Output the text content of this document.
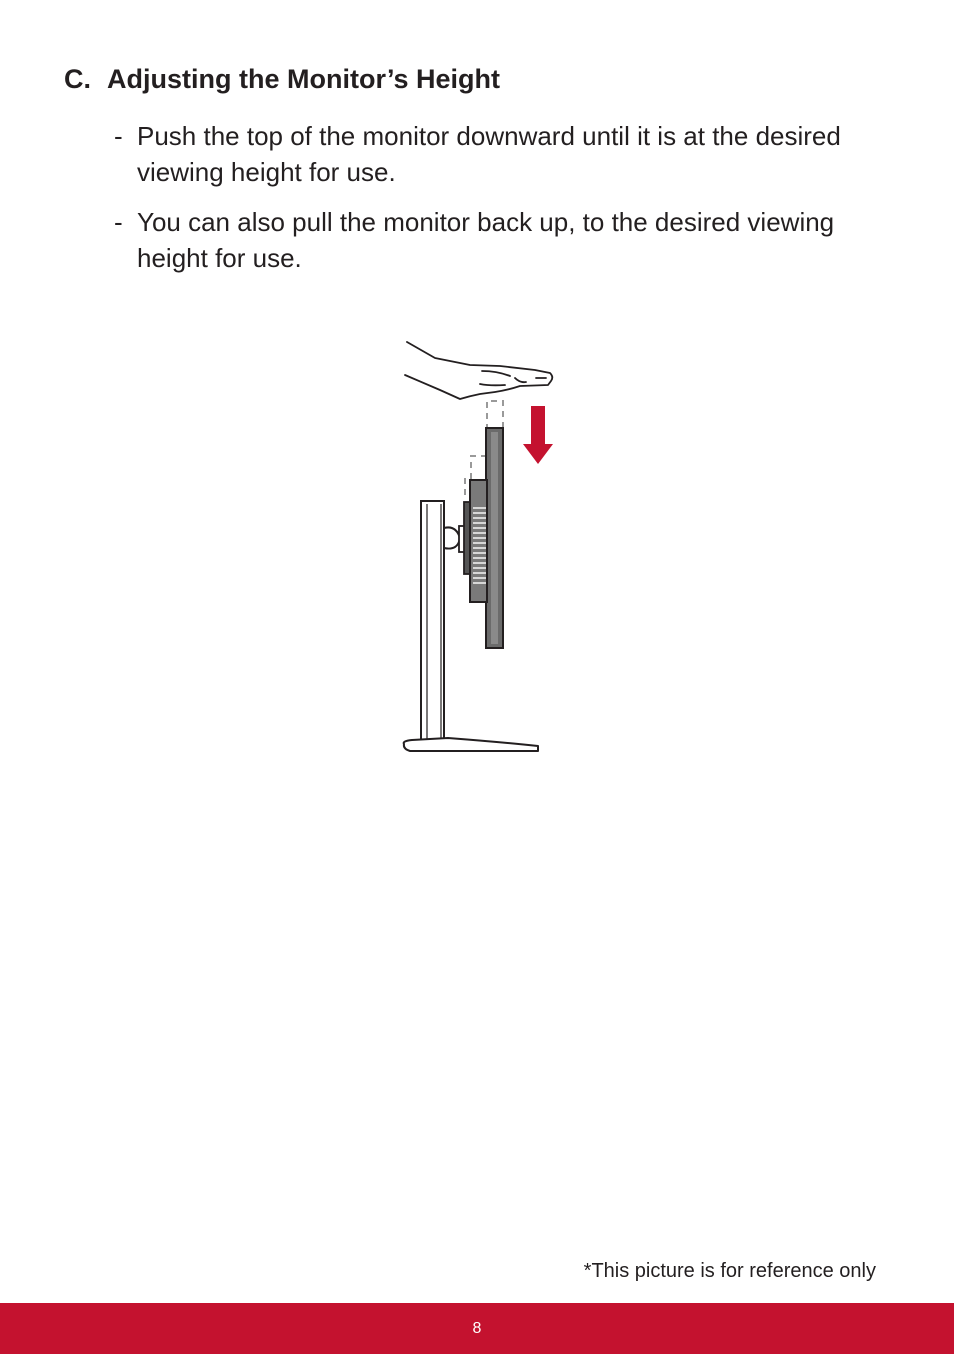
C. Adjusting the Monitor’s Height
- Push the top of the monitor downward until it is at the desired viewing height for use.
- You can also pull the monitor back up, to the desired viewing height for use.
*This picture is for reference only
8
